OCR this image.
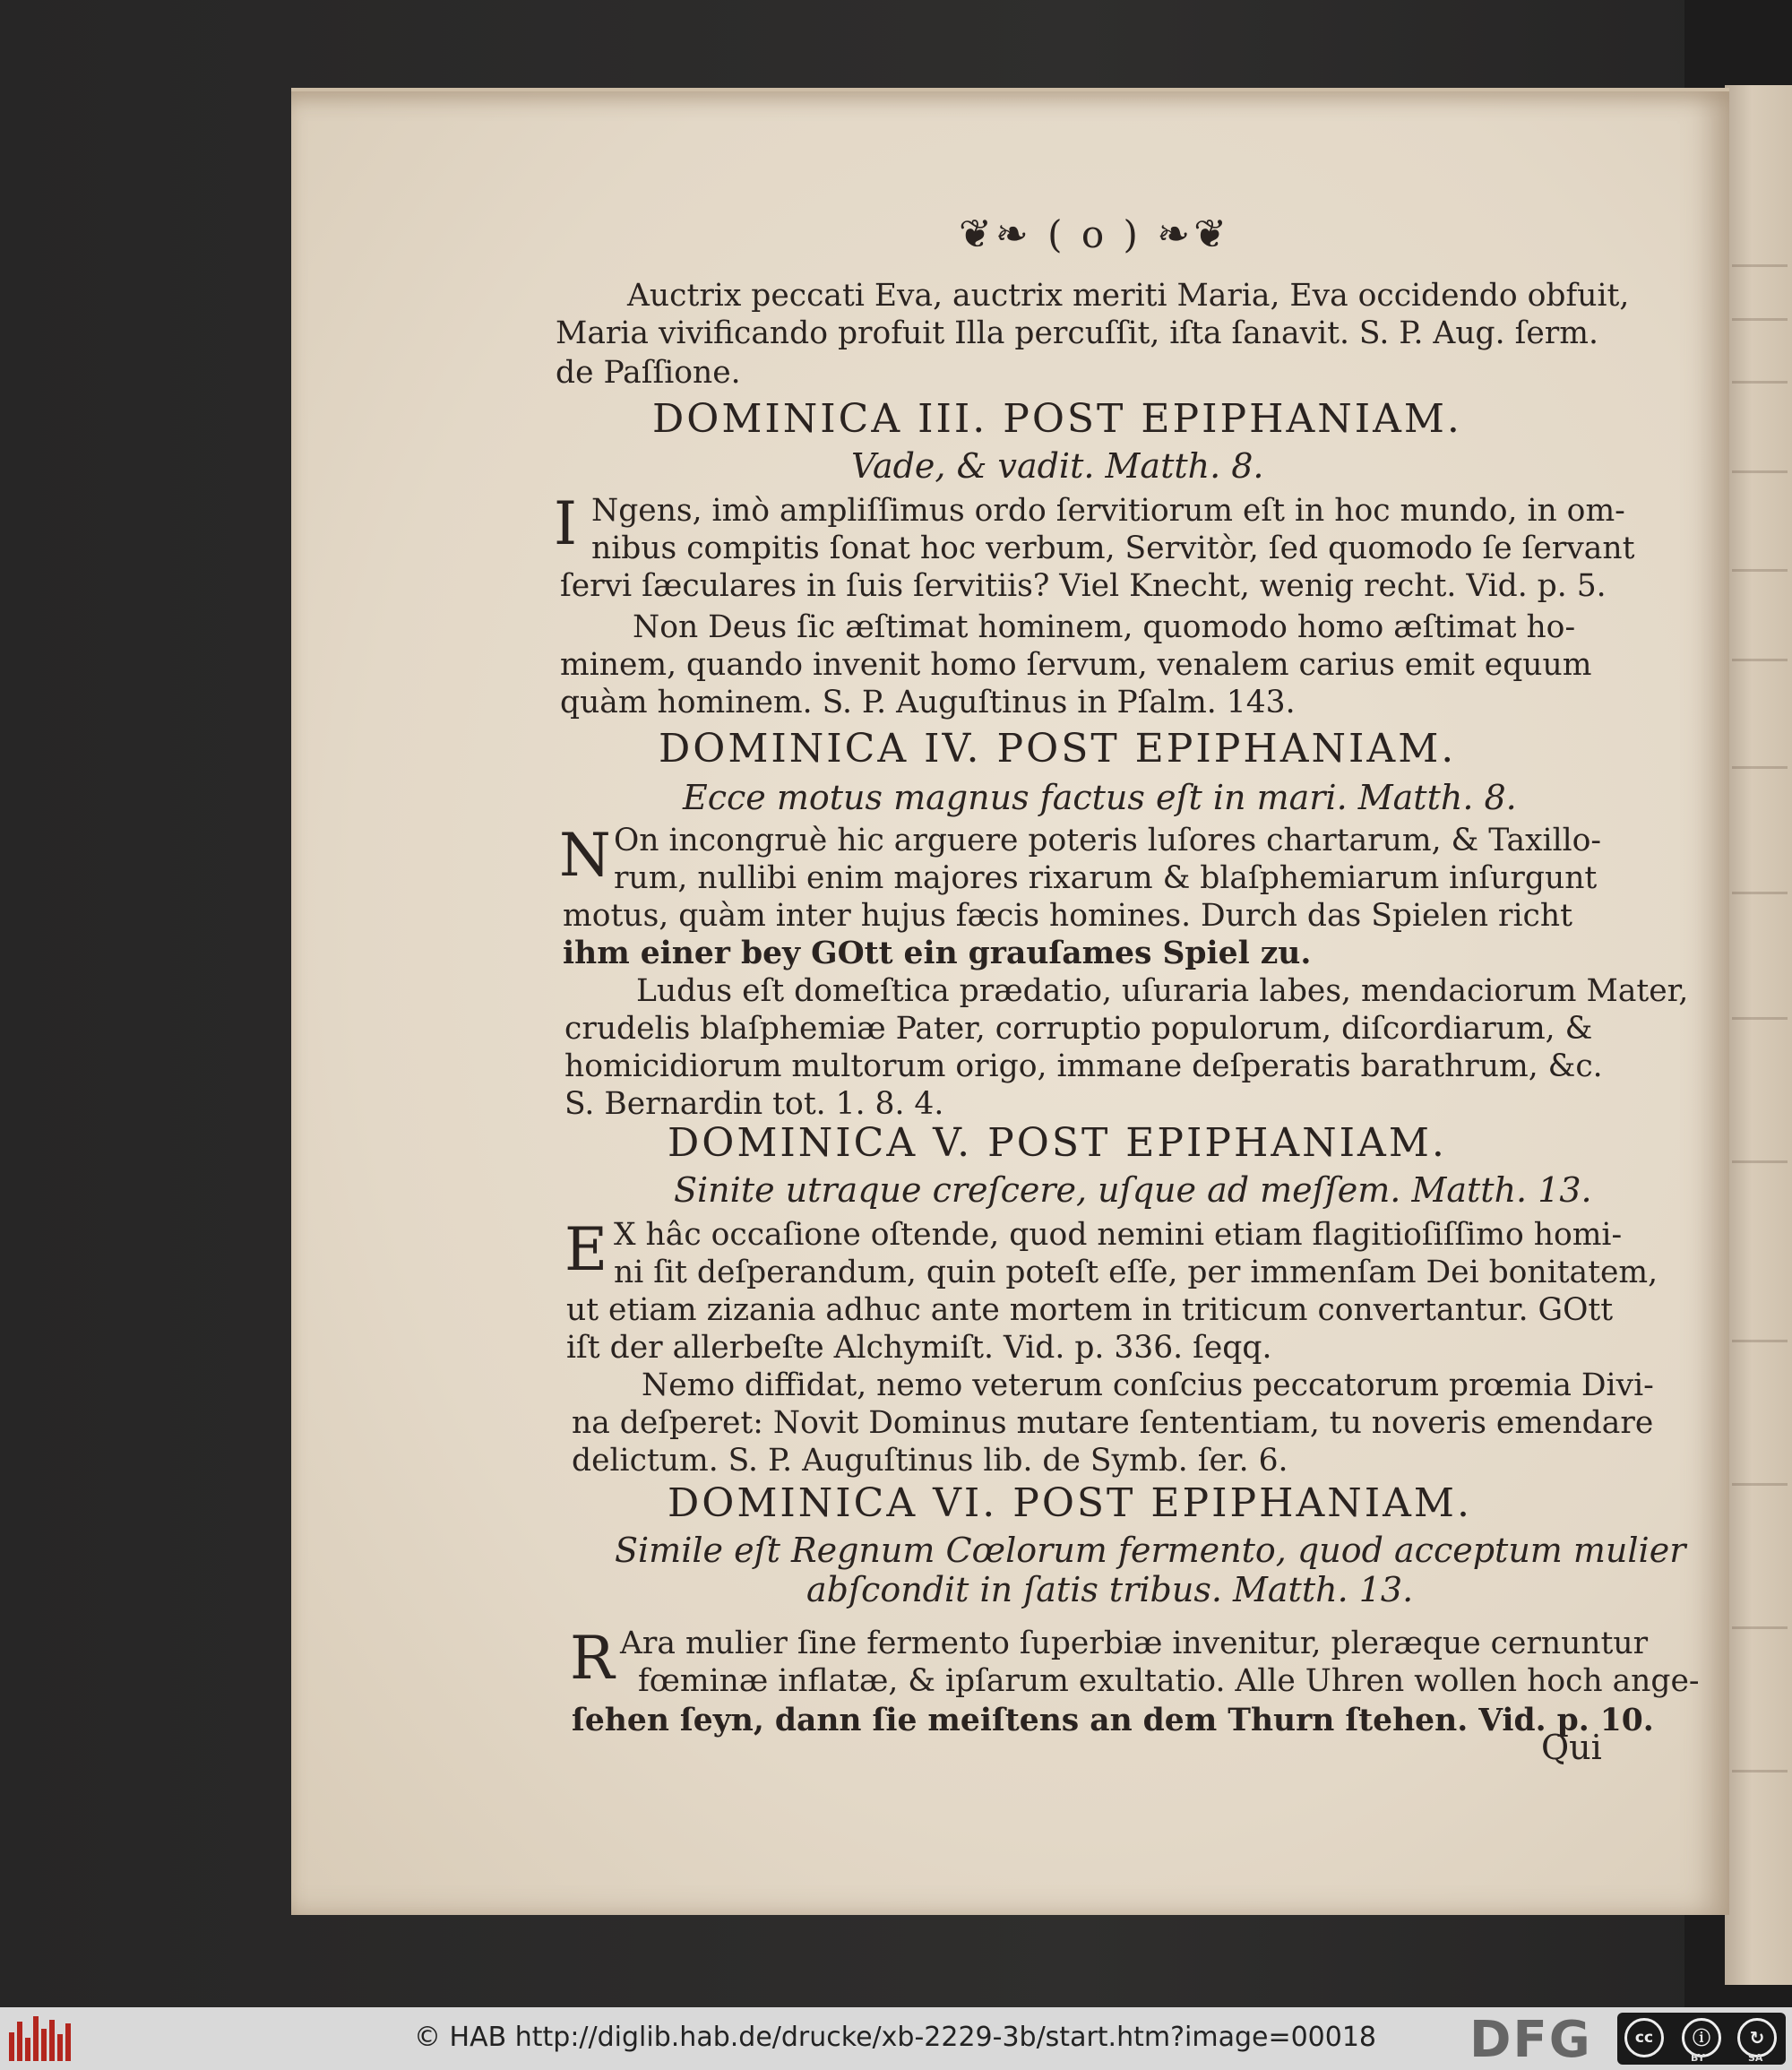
❦❧ ( o ) ❧❦
Auctrix peccati Eva, auctrix meriti Maria, Eva occidendo obfuit,
Maria vivificando profuit Illa percuſſit, iſta ſanavit. S. P. Aug. ſerm.
de Paſſione.
DOMINICA III. POST EPIPHANIAM.
Vade, & vadit. Matth. 8.
I Ngens, imò ampliſſimus ordo ſervitiorum eſt in hoc mundo, in om-
nibus compitis ſonat hoc verbum, Servitòr, ſed quomodo ſe ſervant
ſervi ſæculares in ſuis ſervitiis? Viel Knecht, wenig recht. Vid. p. 5.
Non Deus ſic æſtimat hominem, quomodo homo æſtimat ho-
minem, quando invenit homo ſervum, venalem carius emit equum
quàm hominem. S. P. Auguſtinus in Pſalm. 143.
DOMINICA IV. POST EPIPHANIAM.
Ecce motus magnus factus eſt in mari. Matth. 8.
N On incongruè hic arguere poteris luſores chartarum, & Taxillo-
rum, nullibi enim majores rixarum & blaſphemiarum inſurgunt
motus, quàm inter hujus fæcis homines. Durch das Spielen richt
ihm einer bey GOtt ein grauſames Spiel zu.
Ludus eſt domeſtica prædatio, uſuraria labes, mendaciorum Mater,
crudelis blaſphemiæ Pater, corruptio populorum, diſcordiarum, &
homicidiorum multorum origo, immane deſperatis barathrum, &c.
S. Bernardin tot. 1. 8. 4.
DOMINICA V. POST EPIPHANIAM.
Sinite utraque creſcere, uſque ad meſſem. Matth. 13.
E X hâc occaſione oſtende, quod nemini etiam flagitioſiſſimo homi-
ni ſit deſperandum, quin poteſt eſſe, per immenſam Dei bonitatem,
ut etiam zizania adhuc ante mortem in triticum convertantur. GOtt
iſt der allerbeſte Alchymiſt. Vid. p. 336. ſeqq.
Nemo diffidat, nemo veterum conſcius peccatorum prœmia Divi-
na deſperet: Novit Dominus mutare ſententiam, tu noveris emendare
delictum. S. P. Auguſtinus lib. de Symb. ſer. 6.
DOMINICA VI. POST EPIPHANIAM.
Simile eſt Regnum Cœlorum fermento, quod acceptum mulier
abſcondit in ſatis tribus. Matth. 13.
R Ara mulier ſine fermento ſuperbiæ invenitur, pleræque cernuntur
fœminæ inflatæ, & ipſarum exultatio. Alle Uhren wollen hoch ange-
ſehen ſeyn, dann ſie meiſtens an dem Thurn ſtehen. Vid. p. 10.
Qui
© HAB http://diglib.hab.de/drucke/xb-2229-3b/start.htm?image=00018 DFG	cc	ⓘ	↻
BY	SA
